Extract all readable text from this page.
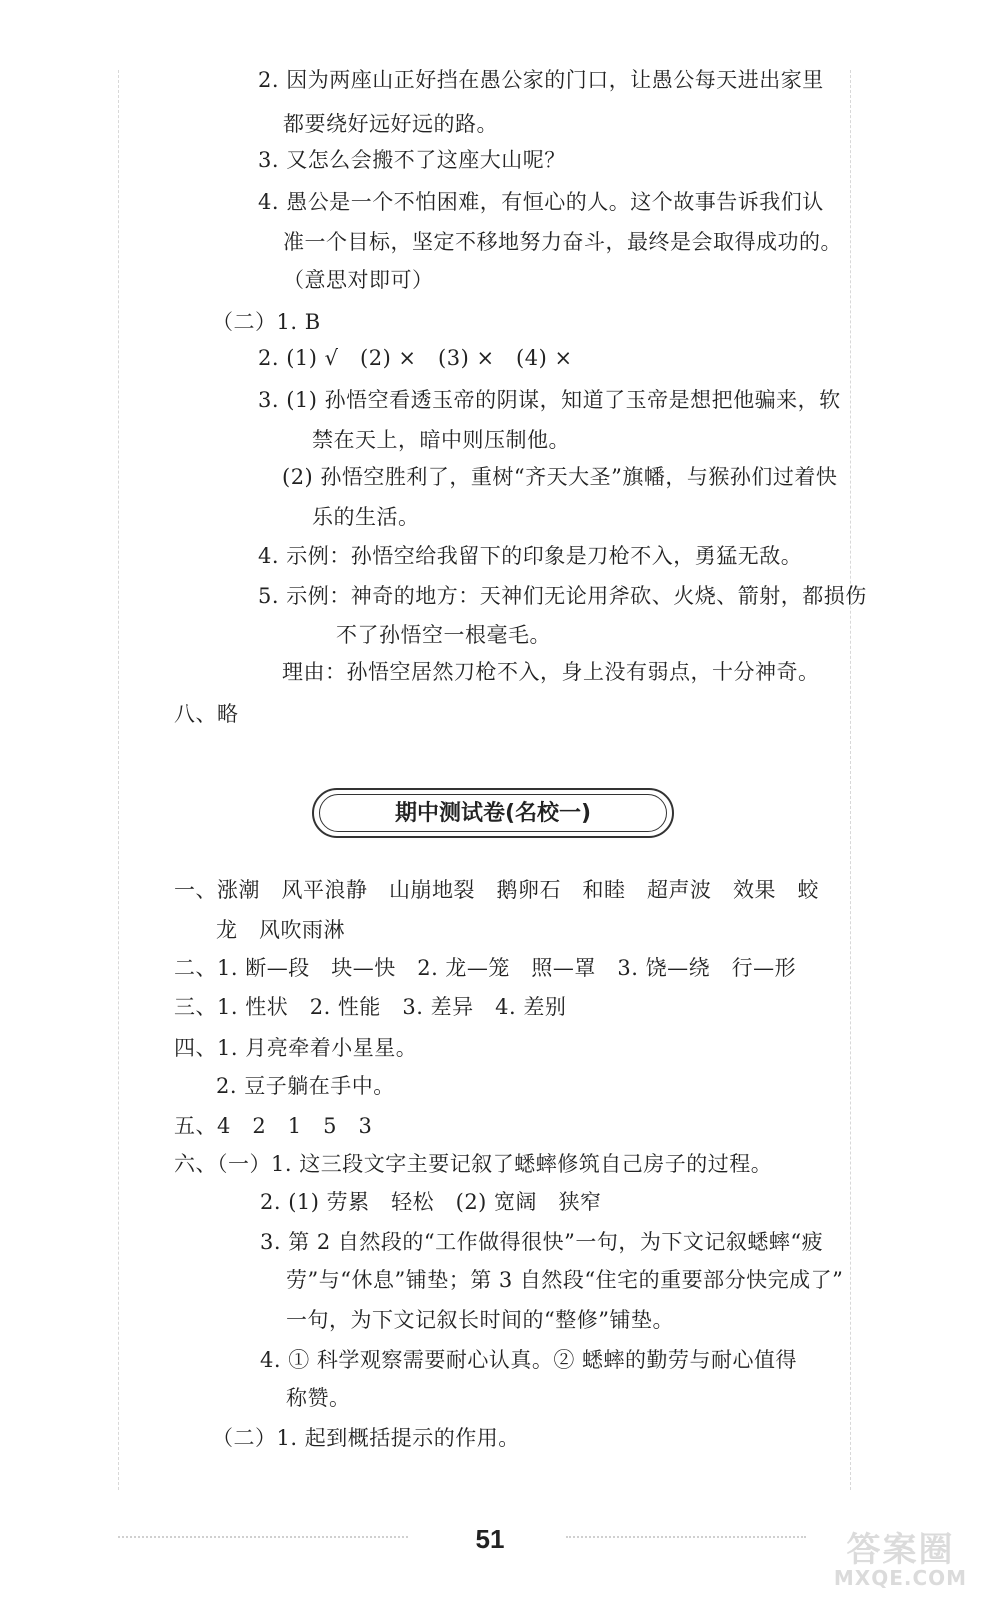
2. 因为两座山正好挡在愚公家的门口，让愚公每天进出家里
都要绕好远好远的路。
3. 又怎么会搬不了这座大山呢？
4. 愚公是一个不怕困难，有恒心的人。这个故事告诉我们认
准一个目标，坚定不移地努力奋斗，最终是会取得成功的。
（意思对即可）
（二）1. B
2. (1) √　(2) ×　(3) ×　(4) ×
3. (1) 孙悟空看透玉帝的阴谋，知道了玉帝是想把他骗来，软
禁在天上，暗中则压制他。
(2) 孙悟空胜利了，重树“齐天大圣”旗幡，与猴孙们过着快
乐的生活。
4. 示例：孙悟空给我留下的印象是刀枪不入，勇猛无敌。
5. 示例：神奇的地方：天神们无论用斧砍、火烧、箭射，都损伤
不了孙悟空一根毫毛。
理由：孙悟空居然刀枪不入，身上没有弱点，十分神奇。
八、略
期中测试卷(名校一)
一、涨潮　风平浪静　山崩地裂　鹅卵石　和睦　超声波　效果　蛟
龙　风吹雨淋
二、1. 断—段　块—快　2. 龙—笼　照—罩　3. 饶—绕　行—形
三、1. 性状　2. 性能　3. 差异　4. 差别
四、1. 月亮牵着小星星。
2. 豆子躺在手中。
五、4　2　1　5　3
六、（一）1. 这三段文字主要记叙了蟋蟀修筑自己房子的过程。
2. (1) 劳累　轻松　(2) 宽阔　狭窄
3. 第 2 自然段的“工作做得很快”一句，为下文记叙蟋蟀“疲
劳”与“休息”铺垫；第 3 自然段“住宅的重要部分快完成了”
一句，为下文记叙长时间的“整修”铺垫。
4. ① 科学观察需要耐心认真。② 蟋蟀的勤劳与耐心值得
称赞。
（二）1. 起到概括提示的作用。
51	答案圈
MXQE.COM
